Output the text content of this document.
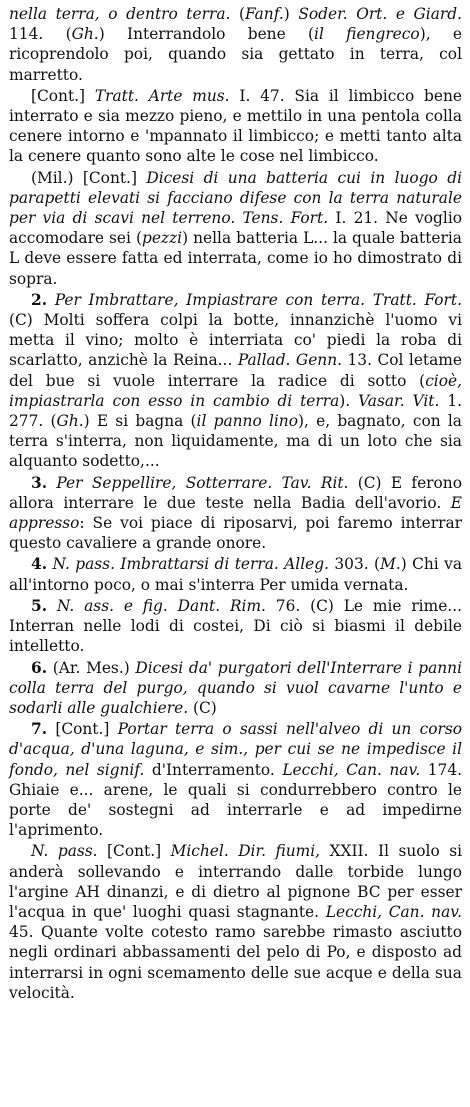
nella terra, o dentro terra. (Fanf.) Soder. Ort. e Giard. 114. (Gh.) Interrandolo bene (il fiengreco), e ricoprendolo poi, quando sia gettato in terra, col marretto.

[Cont.] Tratt. Arte mus. I. 47. Sia il limbicco bene interrato e sia mezzo pieno, e mettilo in una pentola colla cenere intorno e 'mpannato il limbicco; e metti tanto alta la cenere quanto sono alte le cose nel limbicco.

(Mil.) [Cont.] Dicesi di una batteria cui in luogo di parapetti elevati si facciano difese con la terra naturale per via di scavi nel terreno. Tens. Fort. I. 21. Ne voglio accomodare sei (pezzi) nella batteria L... la quale batteria L deve essere fatta ed interrata, come io ho dimostrato di sopra.

2. Per Imbrattare, Impiastrare con terra. Tratt. Fort. (C) Molti soffera colpi la botte, innanzichè l'uomo vi metta il vino; molto è interriata co' piedi la roba di scarlatto, anzichè la Reina... Pallad. Genn. 13. Col letame del bue si vuole interrare la radice di sotto (cioè, impiastrarla con esso in cambio di terra). Vasar. Vit. 1. 277. (Gh.) E si bagna (il panno lino), e, bagnato, con la terra s'interra, non liquidamente, ma di un loto che sia alquanto sodetto,...

3. Per Seppellire, Sotterrare. Tav. Rit. (C) E ferono allora interrare le due teste nella Badia dell'avorio. E appresso: Se voi piace di riposarvi, poi faremo interrar questo cavaliere a grande onore.

4. N. pass. Imbrattarsi di terra. Alleg. 303. (M.) Chi va all'intorno poco, o mai s'interra Per umida vernata.

5. N. ass. e fig. Dant. Rim. 76. (C) Le mie rime... Interran nelle lodi di costei, Di ciò si biasmi il debile intelletto.

6. (Ar. Mes.) Dicesi da' purgatori dell'Interrare i panni colla terra del purgo, quando si vuol cavarne l'unto e sodarli alle gualchiere. (C)

7. [Cont.] Portar terra o sassi nell'alveo di un corso d'acqua, d'una laguna, e sim., per cui se ne impedisce il fondo, nel signif. d'Interramento. Lecchi, Can. nav. 174. Ghiaie e... arene, le quali si condurrebbero contro le porte de' sostegni ad interrarle e ad impedirne l'aprimento.

N. pass. [Cont.] Michel. Dir. fiumi, XXII. Il suolo si anderà sollevando e interrando dalle torbide lungo l'argine AH dinanzi, e di dietro al pignone BC per esser l'acqua in que' luoghi quasi stagnante. Lecchi, Can. nav. 45. Quante volte cotesto ramo sarebbe rimasto asciutto negli ordinari abbassamenti del pelo di Po, e disposto ad interrarsi in ogni scemamento delle sue acque e della sua velocità.
